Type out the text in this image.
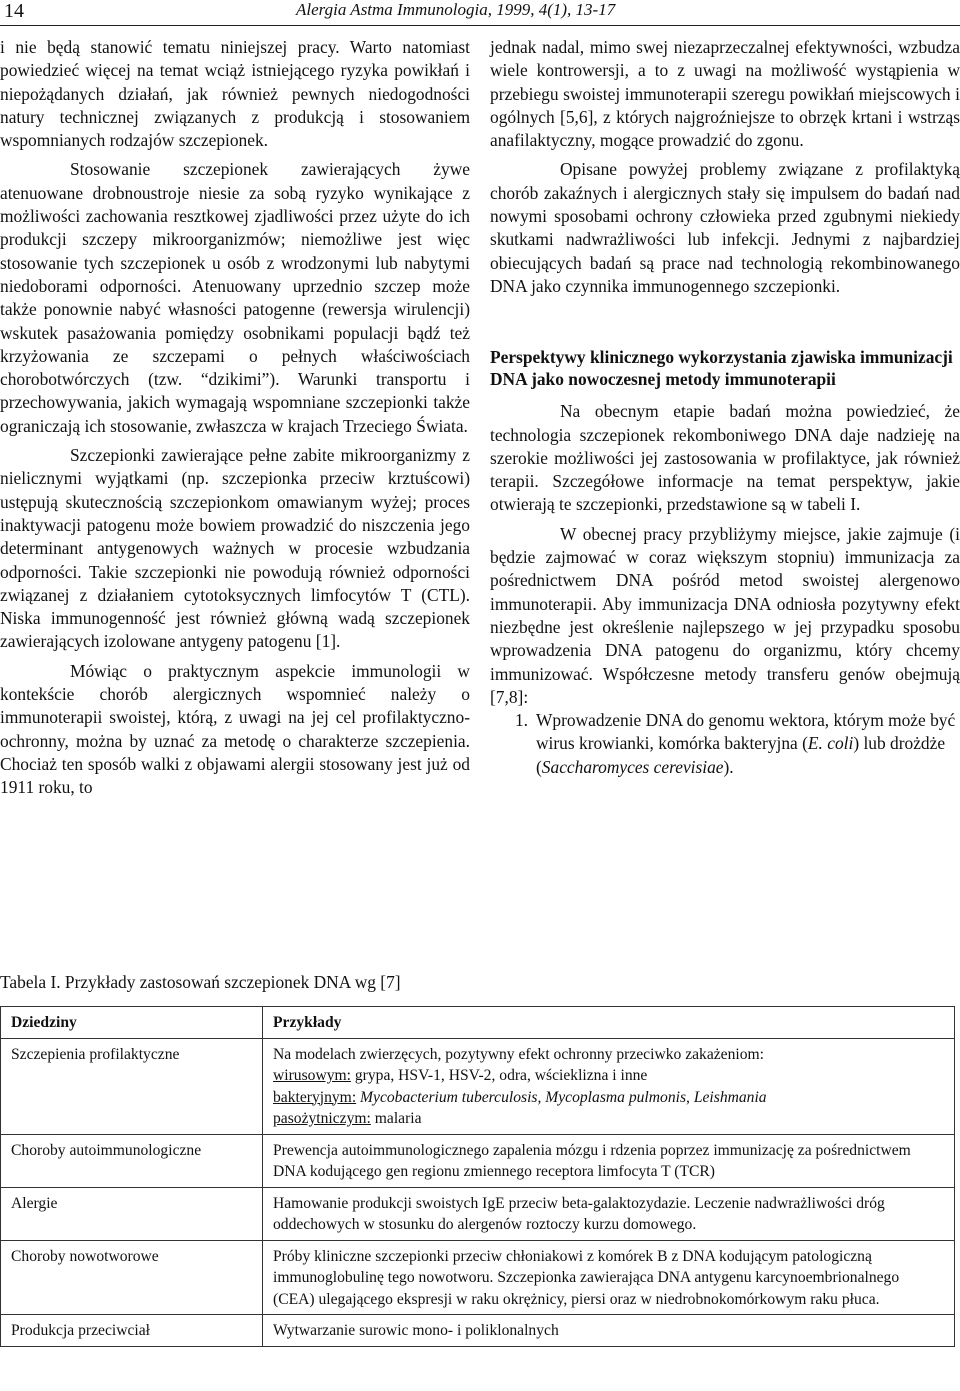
14	Alergia Astma Immunologia, 1999, 4(1), 13-17

i nie będą stanowić tematu niniejszej pracy. Warto natomiast powiedzieć więcej na temat wciąż istniejącego ryzyka powikłań i niepożądanych działań, jak również pewnych niedogodności natury technicznej związanych z produkcją i stosowaniem wspomnianych rodzajów szczepionek.

Stosowanie szczepionek zawierających żywe atenuowane drobnoustroje niesie za sobą ryzyko wynikające z możliwości zachowania resztkowej zjadliwości przez użyte do ich produkcji szczepy mikroorganizmów; niemożliwe jest więc stosowanie tych szczepionek u osób z wrodzonymi lub nabytymi niedoborami odporności. Atenuowany uprzednio szczep może także ponownie nabyć własności patogenne (rewersja wirulencji) wskutek pasażowania pomiędzy osobnikami populacji bądź też krzyżowania ze szczepami o pełnych właściwościach chorobotwórczych (tzw. “dzikimi”). Warunki transportu i przechowywania, jakich wymagają wspomniane szczepionki także ograniczają ich stosowanie, zwłaszcza w krajach Trzeciego Świata.

Szczepionki zawierające pełne zabite mikroorganizmy z nielicznymi wyjątkami (np. szczepionka przeciw krztuścowi) ustępują skutecznością szczepionkom omawianym wyżej; proces inaktywacji patogenu może bowiem prowadzić do niszczenia jego determinant antygenowych ważnych w procesie wzbudzania odporności. Takie szczepionki nie powodują również odporności związanej z działaniem cytotoksycznych limfocytów T (CTL). Niska immunogenność jest również główną wadą szczepionek zawierających izolowane antygeny patogenu [1].

Mówiąc o praktycznym aspekcie immunologii w kontekście chorób alergicznych wspomnieć należy o immunoterapii swoistej, którą, z uwagi na jej cel profilaktyczno-ochronny, można by uznać za metodę o charakterze szczepienia. Chociaż ten sposób walki z objawami alergii stosowany jest już od 1911 roku, to

jednak nadal, mimo swej niezaprzeczalnej efektywności, wzbudza wiele kontrowersji, a to z uwagi na możliwość wystąpienia w przebiegu swoistej immunoterapii szeregu powikłań miejscowych i ogólnych [5,6], z których najgroźniejsze to obrzęk krtani i wstrząs anafilaktyczny, mogące prowadzić do zgonu.

Opisane powyżej problemy związane z profilaktyką chorób zakaźnych i alergicznych stały się impulsem do badań nad nowymi sposobami ochrony człowieka przed zgubnymi niekiedy skutkami nadwrażliwości lub infekcji. Jednymi z najbardziej obiecujących badań są prace nad technologią rekombinowanego DNA jako czynnika immunogennego szczepionki.

Perspektywy klinicznego wykorzystania zjawiska immunizacji DNA jako nowoczesnej metody immunoterapii

Na obecnym etapie badań można powiedzieć, że technologia szczepionek rekomboniwego DNA daje nadzieję na szerokie możliwości jej zastosowania w profilaktyce, jak również terapii. Szczegółowe informacje na temat perspektyw, jakie otwierają te szczepionki, przedstawione są w tabeli I.

W obecnej pracy przybliżymy miejsce, jakie zajmuje (i będzie zajmować w coraz większym stopniu) immunizacja za pośrednictwem DNA pośród metod swoistej alergenowo immunoterapii. Aby immunizacja DNA odniosła pozytywny efekt niezbędne jest określenie najlepszego w jej przypadku sposobu wprowadzenia DNA patogenu do organizmu, który chcemy immunizować. Współczesne metody transferu genów obejmują [7,8]:

1. Wprowadzenie DNA do genomu wektora, którym może być wirus krowianki, komórka bakteryjna (E. coli) lub drożdże (Saccharomyces cerevisiae).
Tabela I. Przykłady zastosowań szczepionek DNA wg [7]
Dziedziny	Przykłady
Szczepienia profilaktyczne	Na modelach zwierzęcych, pozytywny efekt ochronny przeciwko zakażeniom:
wirusowym: grypa, HSV-1, HSV-2, odra, wścieklizna i inne
bakteryjnym: Mycobacterium tuberculosis, Mycoplasma pulmonis, Leishmania
pasożytniczym: malaria

Choroby autoimmunologiczne	Prewencja autoimmunologicznego zapalenia mózgu i rdzenia poprzez immunizację za pośrednictwem DNA kodującego gen regionu zmiennego receptora limfocyta T (TCR)
Alergie	Hamowanie produkcji swoistych IgE przeciw beta-galaktozydazie. Leczenie nadwrażliwości dróg oddechowych w stosunku do alergenów roztoczy kurzu domowego.
Choroby nowotworowe	Próby kliniczne szczepionki przeciw chłoniakowi z komórek B z DNA kodującym patologiczną immunoglobulinę tego nowotworu. Szczepionka zawierająca DNA antygenu karcynoembrionalnego (CEA) ulegającego ekspresji w raku okrężnicy, piersi oraz w niedrobnokomórkowym raku płuca.
Produkcja przeciwciał	Wytwarzanie surowic mono- i poliklonalnych
